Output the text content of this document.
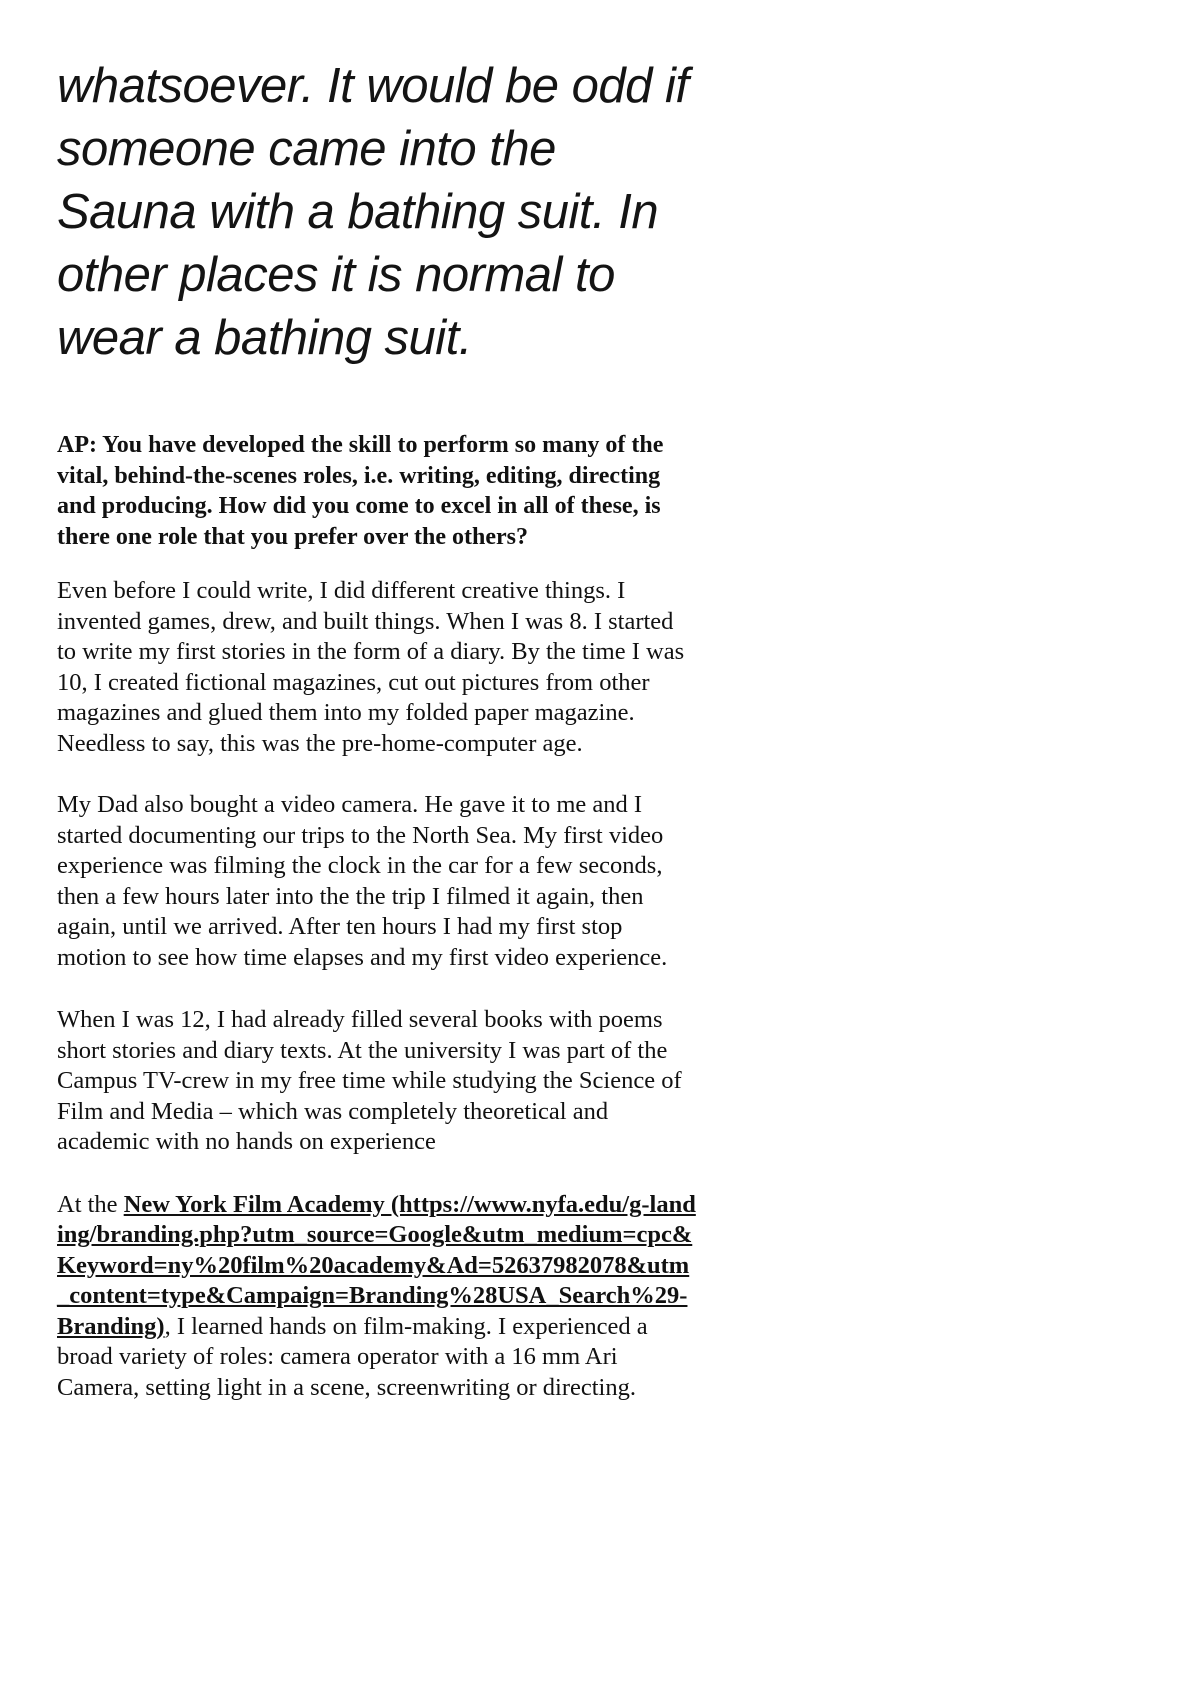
whatsoever. It would be odd if someone came into the Sauna with a bathing suit. In other places it is normal to wear a bathing suit.

AP: You have developed the skill to perform so many of the vital, behind-the-scenes roles, i.e. writing, editing, directing and producing. How did you come to excel in all of these, is there one role that you prefer over the others?

Even before I could write, I did different creative things. I invented games, drew, and built things. When I was 8. I started to write my first stories in the form of a diary. By the time I was 10, I created fictional magazines, cut out pictures from other magazines and glued them into my folded paper magazine. Needless to say, this was the pre-home-computer age.

My Dad also bought a video camera. He gave it to me and I started documenting our trips to the North Sea. My first video experience was filming the clock in the car for a few seconds, then a few hours later into the the trip I filmed it again, then again, until we arrived. After ten hours I had my first stop motion to see how time elapses and my first video experience.

When I was 12, I had already filled several books with poems short stories and diary texts. At the university I was part of the Campus TV-crew in my free time while studying the Science of Film and Media – which was completely theoretical and academic with no hands on experience

At the New York Film Academy (https://www.nyfa.edu/g-landing/branding.php?utm_source=Google&utm_medium=cpc&Keyword=ny%20film%20academy&Ad=52637982078&utm_content=type&Campaign=Branding%28USA_Search%29-Branding), I learned hands on film-making. I experienced a broad variety of roles: camera operator with a 16 mm Ari Camera, setting light in a scene, screenwriting or directing.
